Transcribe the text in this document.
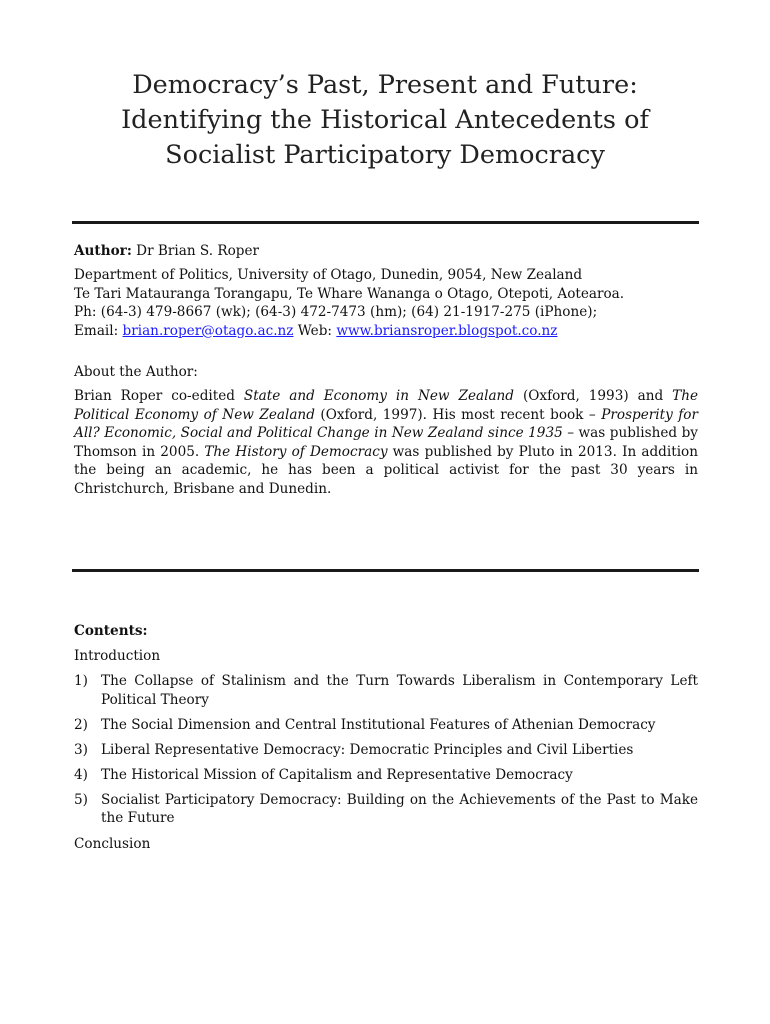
Democracy’s Past, Present and Future:
Identifying the Historical Antecedents of
Socialist Participatory Democracy
Author: Dr Brian S. Roper
Department of Politics, University of Otago, Dunedin, 9054, New Zealand
Te Tari Matauranga Torangapu, Te Whare Wananga o Otago, Otepoti, Aotearoa.
Ph: (64-3) 479-8667 (wk); (64-3) 472-7473 (hm); (64) 21-1917-275 (iPhone);
Email: brian.roper@otago.ac.nz Web: www.briansroper.blogspot.co.nz
About the Author:

Brian Roper co-edited State and Economy in New Zealand (Oxford, 1993) and The Political Economy of New Zealand (Oxford, 1997). His most recent book – Prosperity for All? Economic, Social and Political Change in New Zealand since 1935 – was published by Thomson in 2005. The History of Democracy was published by Pluto in 2013. In addition the being an academic, he has been a political activist for the past 30 years in Christchurch, Brisbane and Dunedin.

Contents:
Introduction
1) The Collapse of Stalinism and the Turn Towards Liberalism in Contemporary Left Political Theory
2) The Social Dimension and Central Institutional Features of Athenian Democracy
3) Liberal Representative Democracy: Democratic Principles and Civil Liberties
4) The Historical Mission of Capitalism and Representative Democracy
5) Socialist Participatory Democracy: Building on the Achievements of the Past to Make the Future
Conclusion
